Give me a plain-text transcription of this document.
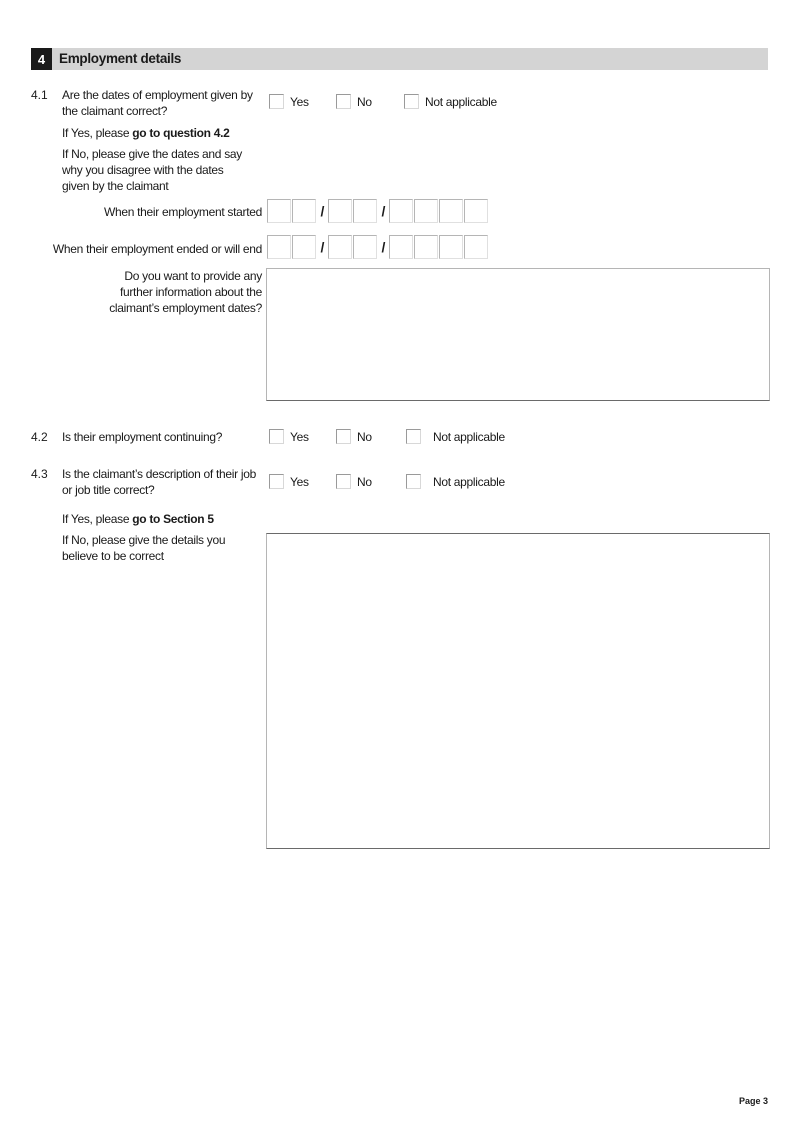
4	Employment details
4.1 Are the dates of employment given by the claimant correct?
Yes	No	Not applicable
If Yes, please go to question 4.2
If No, please give the dates and say why you disagree with the dates given by the claimant
When their employment started	/	/
When their employment ended or will end	/	/
Do you want to provide any further information about the claimant’s employment dates?
4.2 Is their employment continuing?	Yes	No	Not applicable
4.3 Is the claimant’s description of their job or job title correct?
Yes	No	Not applicable
If Yes, please go to Section 5
If No, please give the details you believe to be correct
Page 3
